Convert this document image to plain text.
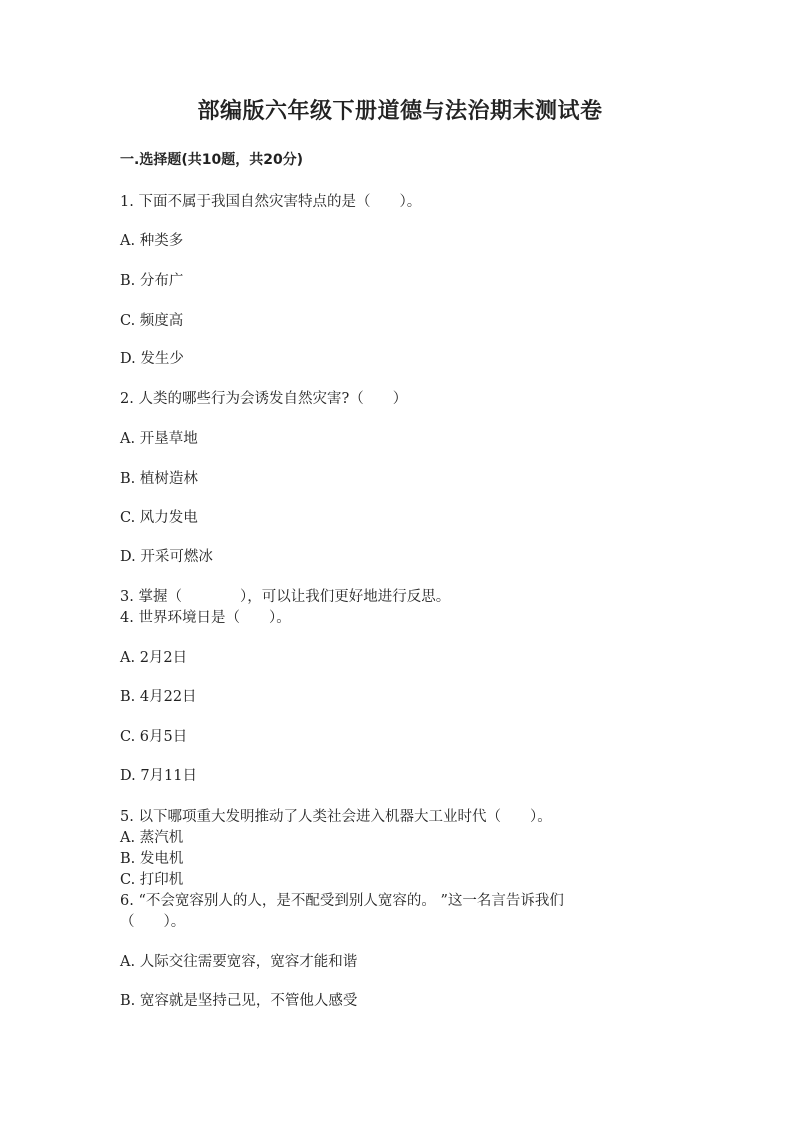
部编版六年级下册道德与法治期末测试卷
一.选择题(共10题，共20分)
1. 下面不属于我国自然灾害特点的是（　　）。
A. 种类多
B. 分布广
C. 频度高
D. 发生少
2. 人类的哪些行为会诱发自然灾害?（　　）
A. 开垦草地
B. 植树造林
C. 风力发电
D. 开采可燃冰
3. 掌握（　　　　），可以让我们更好地进行反思。
4. 世界环境日是（　　）。
A. 2月2日
B. 4月22日
C. 6月5日
D. 7月11日
5. 以下哪项重大发明推动了人类社会进入机器大工业时代（　　）。
A. 蒸汽机
B. 发电机
C. 打印机
6. “不会宽容别人的人，是不配受到别人宽容的。 ”这一名言告诉我们
（　　）。
A. 人际交往需要宽容，宽容才能和谐
B. 宽容就是坚持己见，不管他人感受
